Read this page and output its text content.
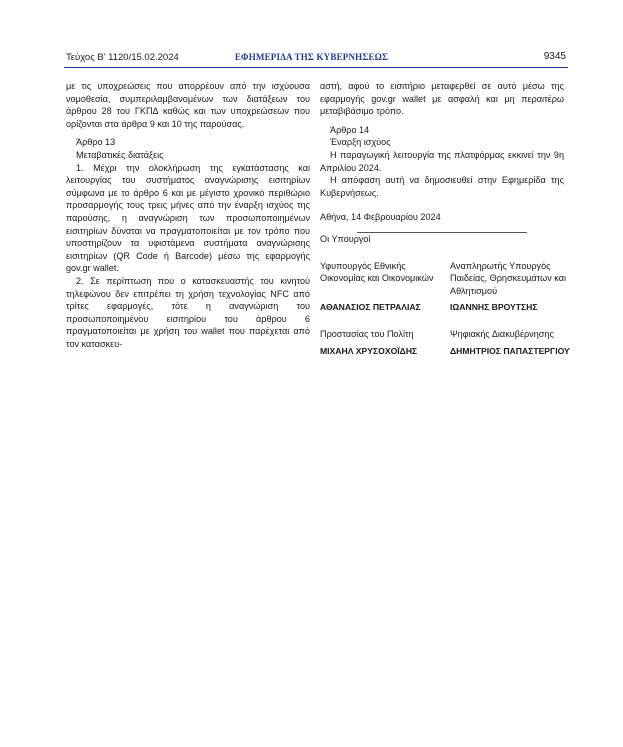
Τεύχος Β’ 1120/15.02.2024	ΕΦΗΜΕΡΙΔΑ ΤΗΣ ΚΥΒΕΡΝΗΣΕΩΣ	9345

με τις υποχρεώσεις που απορρέουν από την ισχύουσα νομοθεσία, συμπεριλαμβανομένων των διατάξεων του άρθρου 28 του ΓΚΠΔ καθώς και των υποχρεώσεων που ορίζονται στα άρθρα 9 και 10 της παρούσας.

Άρθρο 13

Μεταβατικές διατάξεις

1. Μέχρι την ολοκλήρωση της εγκατάστασης και λειτουργίας του συστήματος αναγνώρισης εισιτηρίων σύμφωνα με το άρθρο 6 και με μέγιστο χρονικό περιθώριο προσαρμογής τους τρεις μήνες από την έναρξη ισχύος της παρούσης, η αναγνώριση των προσωποποιημένων εισιτηρίων δύναται να πραγματοποιείται με τον τρόπο που υποστηρίζουν τα υφιστάμενα συστήματα αναγνώρισης εισιτηρίων (QR Code ή Barcode) μέσω της εφαρμογής gov.gr wallet.

2. Σε περίπτωση που ο κατασκευαστής του κινητού τηλεφώνου δεν επιτρέπει τη χρήση τεχνολογίας NFC από τρίτες εφαρμογές, τότε η αναγνώριση του προσωποποιημένου εισιτηρίου του άρθρου 6 πραγματοποιείται με χρήση του wallet που παρέχεται από τον κατασκευ-

αστή, αφού το εισιτήριο μεταφερθεί σε αυτό μέσω της εφαρμογής gov.gr wallet με ασφαλή και μη περαιτέρω μεταβιβάσιμο τρόπο.

Άρθρο 14

Έναρξη ισχύος

Η παραγωγική λειτουργία της πλατφόρμας εκκινεί την 9η Απριλίου 2024.

Η απόφαση αυτή να δημοσιευθεί στην Εφημερίδα της Κυβερνήσεως.

Αθήνα, 14 Φεβρουαρίου 2024

Οι Υπουργοί

Υφυπουργός Εθνικής Οικονομίας και Οικονομικών
Αναπληρωτής Υπουργός Παιδείας, Θρησκευμάτων και Αθλητισμού
ΑΘΑΝΑΣΙΟΣ ΠΕΤΡΑΛΙΑΣ	ΙΩΑΝΝΗΣ ΒΡΟΥΤΣΗΣ
Προστασίας του Πολίτη	Ψηφιακής Διακυβέρνησης
ΜΙΧΑΗΛ ΧΡΥΣΟΧΟΪΔΗΣ	ΔΗΜΗΤΡΙΟΣ ΠΑΠΑΣΤΕΡΓΙΟΥ
